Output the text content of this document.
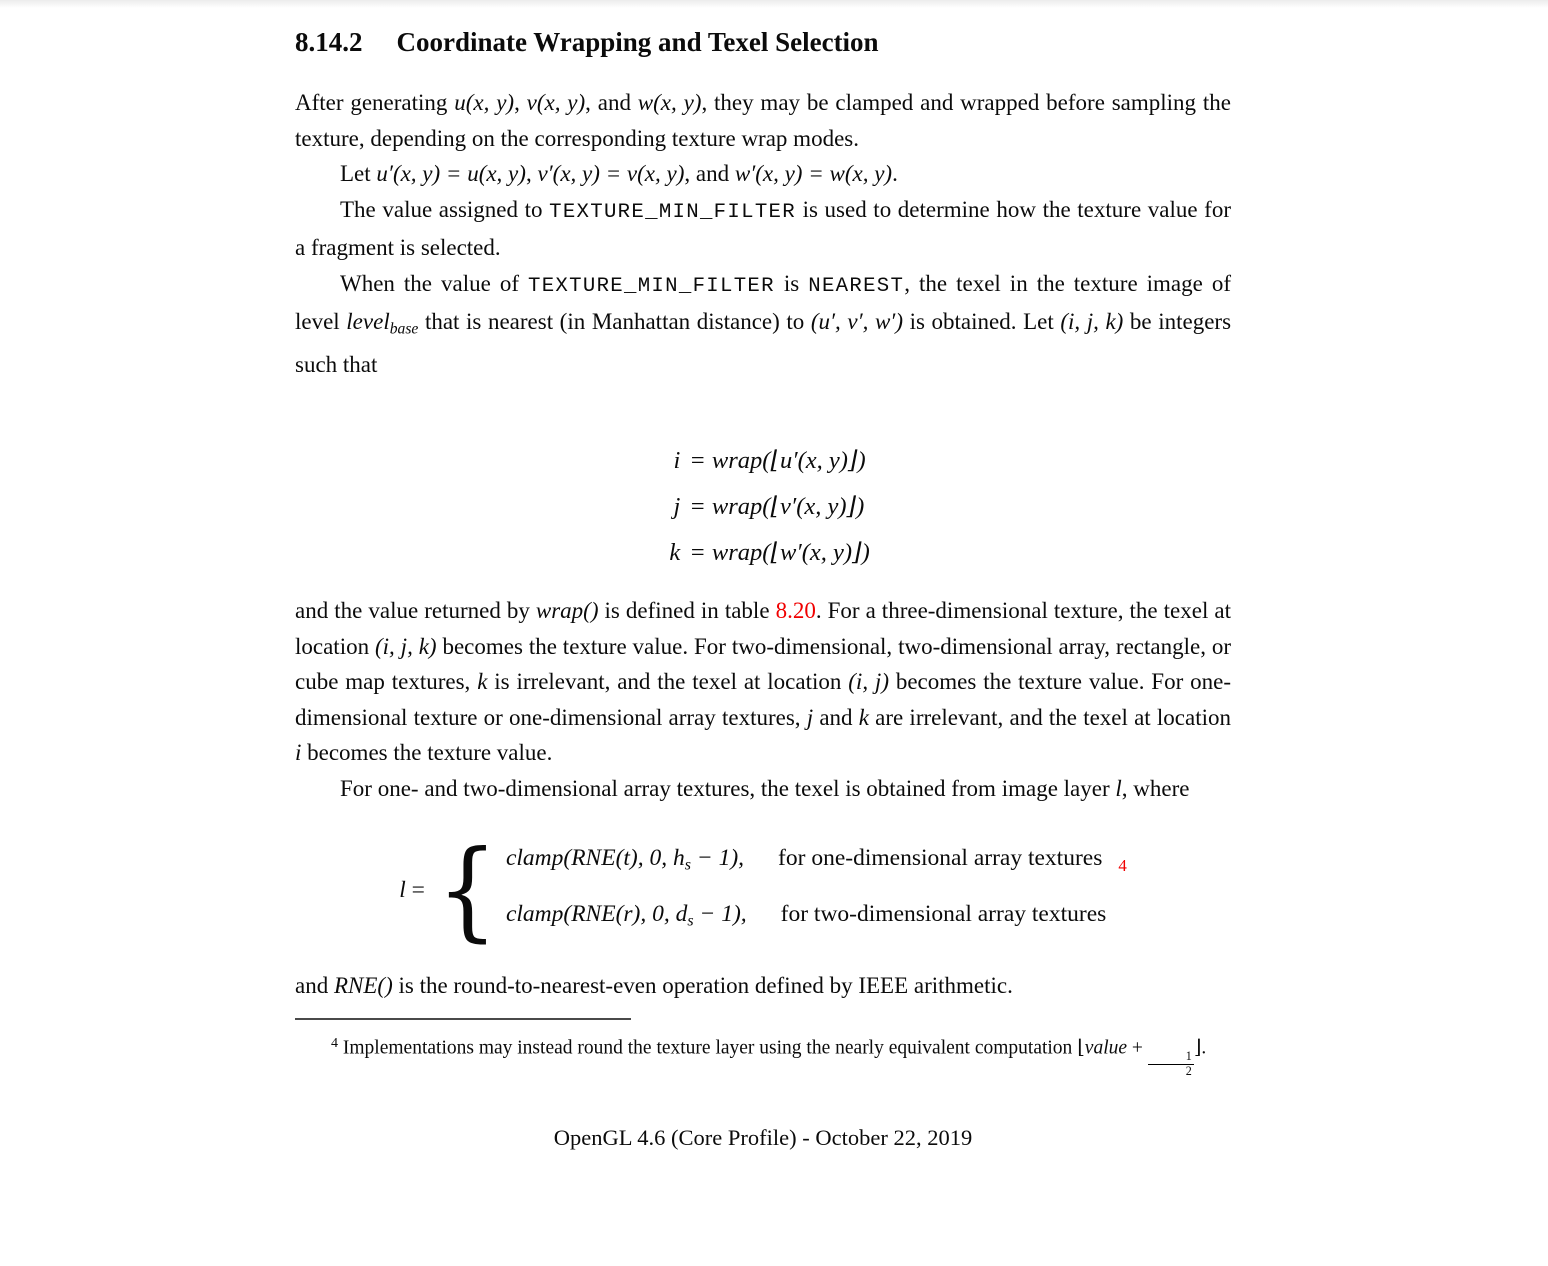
8.14.2 Coordinate Wrapping and Texel Selection

After generating u(x, y), v(x, y), and w(x, y), they may be clamped and wrapped before sampling the texture, depending on the corresponding texture wrap modes.

Let u′(x, y) = u(x, y), v′(x, y) = v(x, y), and w′(x, y) = w(x, y).

The value assigned to TEXTURE_MIN_FILTER is used to determine how the texture value for a fragment is selected.

When the value of TEXTURE_MIN_FILTER is NEAREST, the texel in the texture image of level level$_{base}$ that is nearest (in Manhattan distance) to (u′, v′, w′) is obtained. Let (i, j, k) be integers such that

i = wrap(⌊u′(x, y)⌋)
j = wrap(⌊v′(x, y)⌋)
k = wrap(⌊w′(x, y)⌋)

and the value returned by wrap() is defined in table 8.20. For a three-dimensional texture, the texel at location (i, j, k) becomes the texture value. For two-dimensional, two-dimensional array, rectangle, or cube map textures, k is irrelevant, and the texel at location (i, j) becomes the texture value. For one-dimensional texture or one-dimensional array textures, j and k are irrelevant, and the texel at location i becomes the texture value.

For one- and two-dimensional array textures, the texel is obtained from image layer l, where

l = { clamp(RNE(t), 0, $h_s - 1$), for one-dimensional array textures $_4$
clamp(RNE(r), 0, $d_s - 1$), for two-dimensional array textures

and RNE() is the round-to-nearest-even operation defined by IEEE arithmetic.

$^4$ Implementations may instead round the texture layer using the nearly equivalent computation ⌊value +
$\frac{1}{2}$
⌋.

OpenGL 4.6 (Core Profile) - October 22, 2019
